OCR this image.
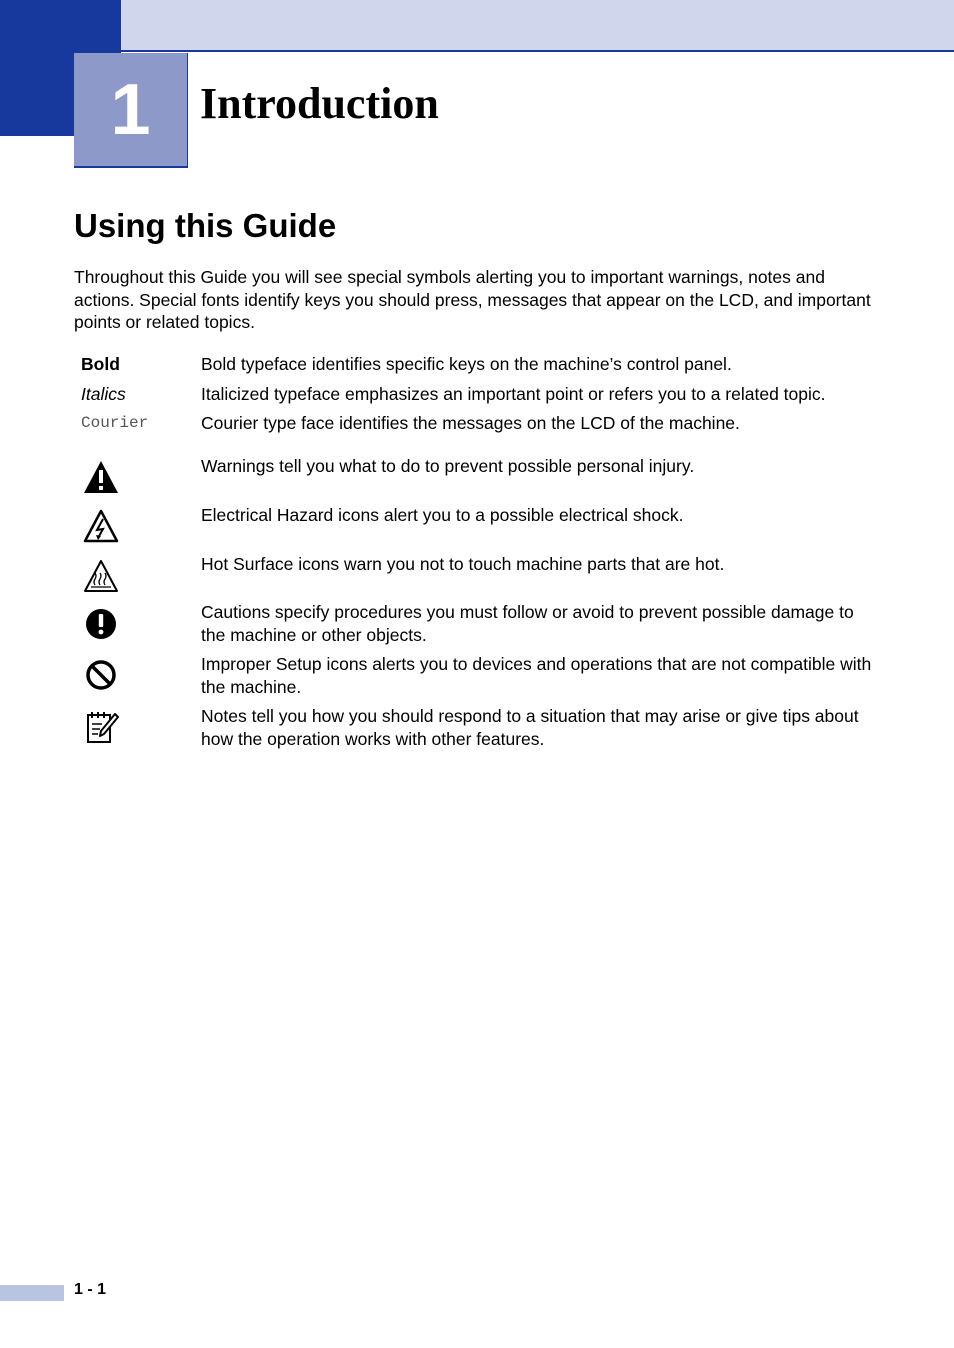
1 Introduction
Using this Guide

Throughout this Guide you will see special symbols alerting you to important warnings, notes and actions. Special fonts identify keys you should press, messages that appear on the LCD, and important points or related topics.

Bold	Bold typeface identifies specific keys on the machine’s control panel.
Italics	Italicized typeface emphasizes an important point or refers you to a related topic.
Courier	Courier type face identifies the messages on the LCD of the machine.
Warnings tell you what to do to prevent possible personal injury.
Electrical Hazard icons alert you to a possible electrical shock.
Hot Surface icons warn you not to touch machine parts that are hot.
Cautions specify procedures you must follow or avoid to prevent possible damage to the machine or other objects.
Improper Setup icons alerts you to devices and operations that are not compatible with the machine.
Notes tell you how you should respond to a situation that may arise or give tips about how the operation works with other features.
1 - 1
